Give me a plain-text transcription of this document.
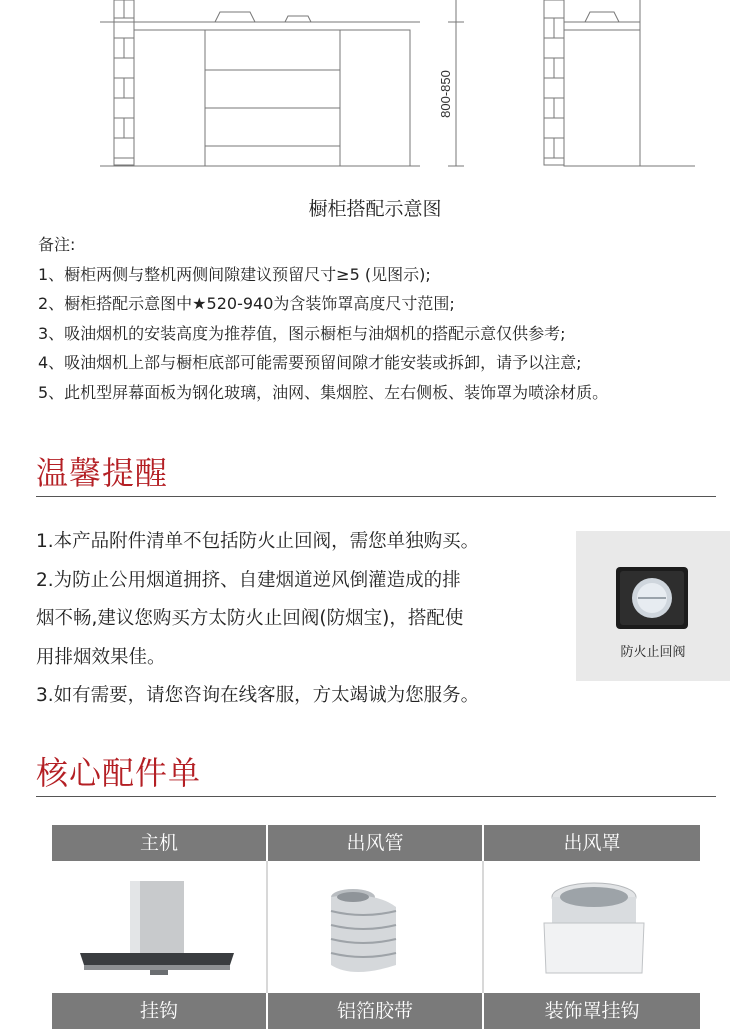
800-850
橱柜搭配示意图
备注:
1、橱柜两侧与整机两侧间隙建议预留尺寸≥5 (见图示);
2、橱柜搭配示意图中★520-940为含装饰罩高度尺寸范围;
3、吸油烟机的安装高度为推荐值，图示橱柜与油烟机的搭配示意仅供参考;
4、吸油烟机上部与橱柜底部可能需要预留间隙才能安装或拆卸，请予以注意;
5、此机型屏幕面板为钢化玻璃，油网、集烟腔、左右侧板、装饰罩为喷涂材质。
温馨提醒
1.本产品附件清单不包括防火止回阀，需您单独购买。
2.为防止公用烟道拥挤、自建烟道逆风倒灌造成的排
烟不畅,建议您购买方太防火止回阀(防烟宝)，搭配使
用排烟效果佳。
3.如有需要，请您咨询在线客服，方太竭诚为您服务。
防火止回阀
核心配件单
主机	出风管	出风罩
挂钩	铝箔胶带	装饰罩挂钩
